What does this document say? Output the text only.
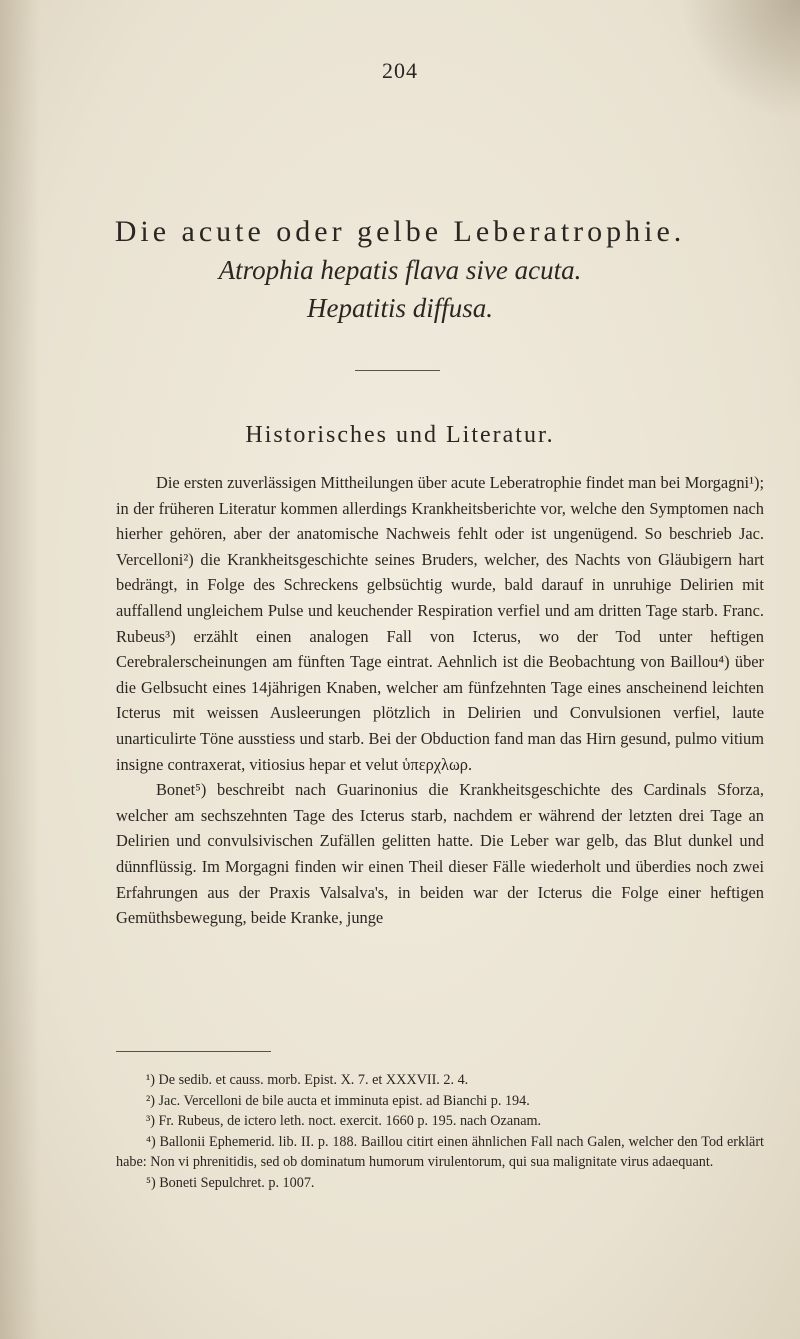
204
Die acute oder gelbe Leberatrophie.
Atrophia hepatis flava sive acuta.
Hepatitis diffusa.
Historisches und Literatur.

Die ersten zuverlässigen Mittheilungen über acute Leberatrophie findet man bei Morgagni¹); in der früheren Literatur kommen allerdings Krankheitsberichte vor, welche den Symptomen nach hierher gehören, aber der anatomische Nachweis fehlt oder ist ungenügend. So beschrieb Jac. Vercelloni²) die Krankheitsgeschichte seines Bruders, welcher, des Nachts von Gläubigern hart bedrängt, in Folge des Schreckens gelbsüchtig wurde, bald darauf in unruhige Delirien mit auffallend ungleichem Pulse und keuchender Respiration verfiel und am dritten Tage starb. Franc. Rubeus³) erzählt einen analogen Fall von Icterus, wo der Tod unter heftigen Cerebralerscheinungen am fünften Tage eintrat. Aehnlich ist die Beobachtung von Baillou⁴) über die Gelbsucht eines 14jährigen Knaben, welcher am fünfzehnten Tage eines anscheinend leichten Icterus mit weissen Ausleerungen plötzlich in Delirien und Convulsionen verfiel, laute unarticulirte Töne ausstiess und starb. Bei der Obduction fand man das Hirn gesund, pulmo vitium insigne contraxerat, vitiosius hepar et velut ὑπερχλωρ.

Bonet⁵) beschreibt nach Guarinonius die Krankheitsgeschichte des Cardinals Sforza, welcher am sechszehnten Tage des Icterus starb, nachdem er während der letzten drei Tage an Delirien und convulsivischen Zufällen gelitten hatte. Die Leber war gelb, das Blut dunkel und dünnflüssig. Im Morgagni finden wir einen Theil dieser Fälle wiederholt und überdies noch zwei Erfahrungen aus der Praxis Valsalva's, in beiden war der Icterus die Folge einer heftigen Gemüthsbewegung, beide Kranke, junge

¹) De sedib. et causs. morb. Epist. X. 7. et XXXVII. 2. 4.

²) Jac. Vercelloni de bile aucta et imminuta epist. ad Bianchi p. 194.

³) Fr. Rubeus, de ictero leth. noct. exercit. 1660 p. 195. nach Ozanam.

⁴) Ballonii Ephemerid. lib. II. p. 188. Baillou citirt einen ähnlichen Fall nach Galen, welcher den Tod erklärt habe: Non vi phrenitidis, sed ob dominatum humorum virulentorum, qui sua malignitate virus adaequant.

⁵) Boneti Sepulchret. p. 1007.
